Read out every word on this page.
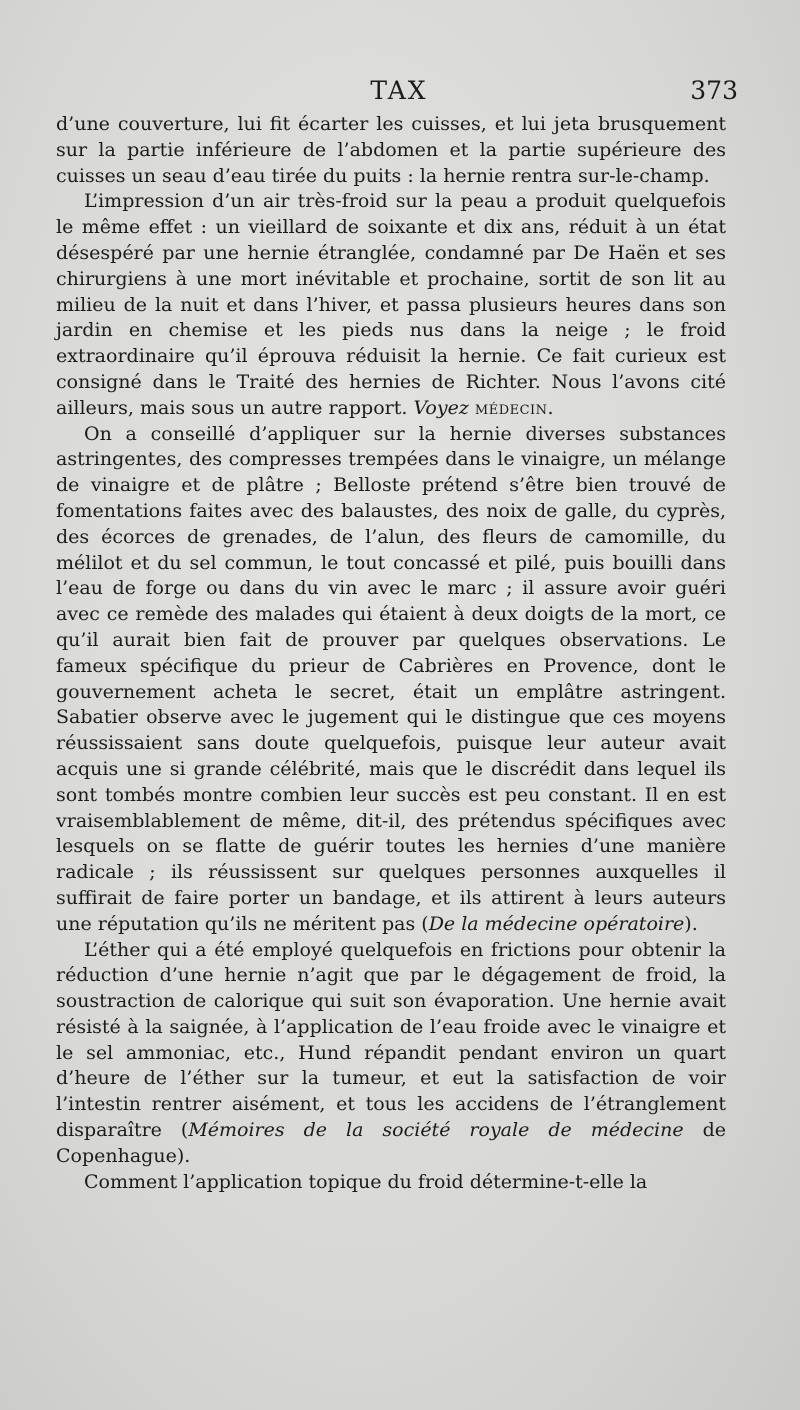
TAX	373

d’une couverture, lui fit écarter les cuisses, et lui jeta brusquement sur la partie inférieure de l’abdomen et la partie supérieure des cuisses un seau d’eau tirée du puits : la hernie rentra sur-le-champ.

L’impression d’un air très-froid sur la peau a produit quelquefois le même effet : un vieillard de soixante et dix ans, réduit à un état désespéré par une hernie étranglée, condamné par De Haën et ses chirurgiens à une mort inévitable et prochaine, sortit de son lit au milieu de la nuit et dans l’hiver, et passa plusieurs heures dans son jardin en chemise et les pieds nus dans la neige ; le froid extraordinaire qu’il éprouva réduisit la hernie. Ce fait curieux est consigné dans le Traité des hernies de Richter. Nous l’avons cité ailleurs, mais sous un autre rapport. Voyez médecin.

On a conseillé d’appliquer sur la hernie diverses substances astringentes, des compresses trempées dans le vinaigre, un mélange de vinaigre et de plâtre ; Belloste prétend s’être bien trouvé de fomentations faites avec des balaustes, des noix de galle, du cyprès, des écorces de grenades, de l’alun, des fleurs de camomille, du mélilot et du sel commun, le tout concassé et pilé, puis bouilli dans l’eau de forge ou dans du vin avec le marc ; il assure avoir guéri avec ce remède des malades qui étaient à deux doigts de la mort, ce qu’il aurait bien fait de prouver par quelques observations. Le fameux spécifique du prieur de Cabrières en Provence, dont le gouvernement acheta le secret, était un emplâtre astringent. Sabatier observe avec le jugement qui le distingue que ces moyens réussissaient sans doute quelquefois, puisque leur auteur avait acquis une si grande célébrité, mais que le discrédit dans lequel ils sont tombés montre combien leur succès est peu constant. Il en est vraisemblablement de même, dit-il, des prétendus spécifiques avec lesquels on se flatte de guérir toutes les hernies d’une manière radicale ; ils réussissent sur quelques personnes auxquelles il suffirait de faire porter un bandage, et ils attirent à leurs auteurs une réputation qu’ils ne méritent pas (De la médecine opératoire).

L’éther qui a été employé quelquefois en frictions pour obtenir la réduction d’une hernie n’agit que par le dégagement de froid, la soustraction de calorique qui suit son évaporation. Une hernie avait résisté à la saignée, à l’application de l’eau froide avec le vinaigre et le sel ammoniac, etc., Hund répandit pendant environ un quart d’heure de l’éther sur la tumeur, et eut la satisfaction de voir l’intestin rentrer aisément, et tous les accidens de l’étranglement disparaître (Mémoires de la société royale de médecine de Copenhague).

Comment l’application topique du froid détermine-t-elle la
